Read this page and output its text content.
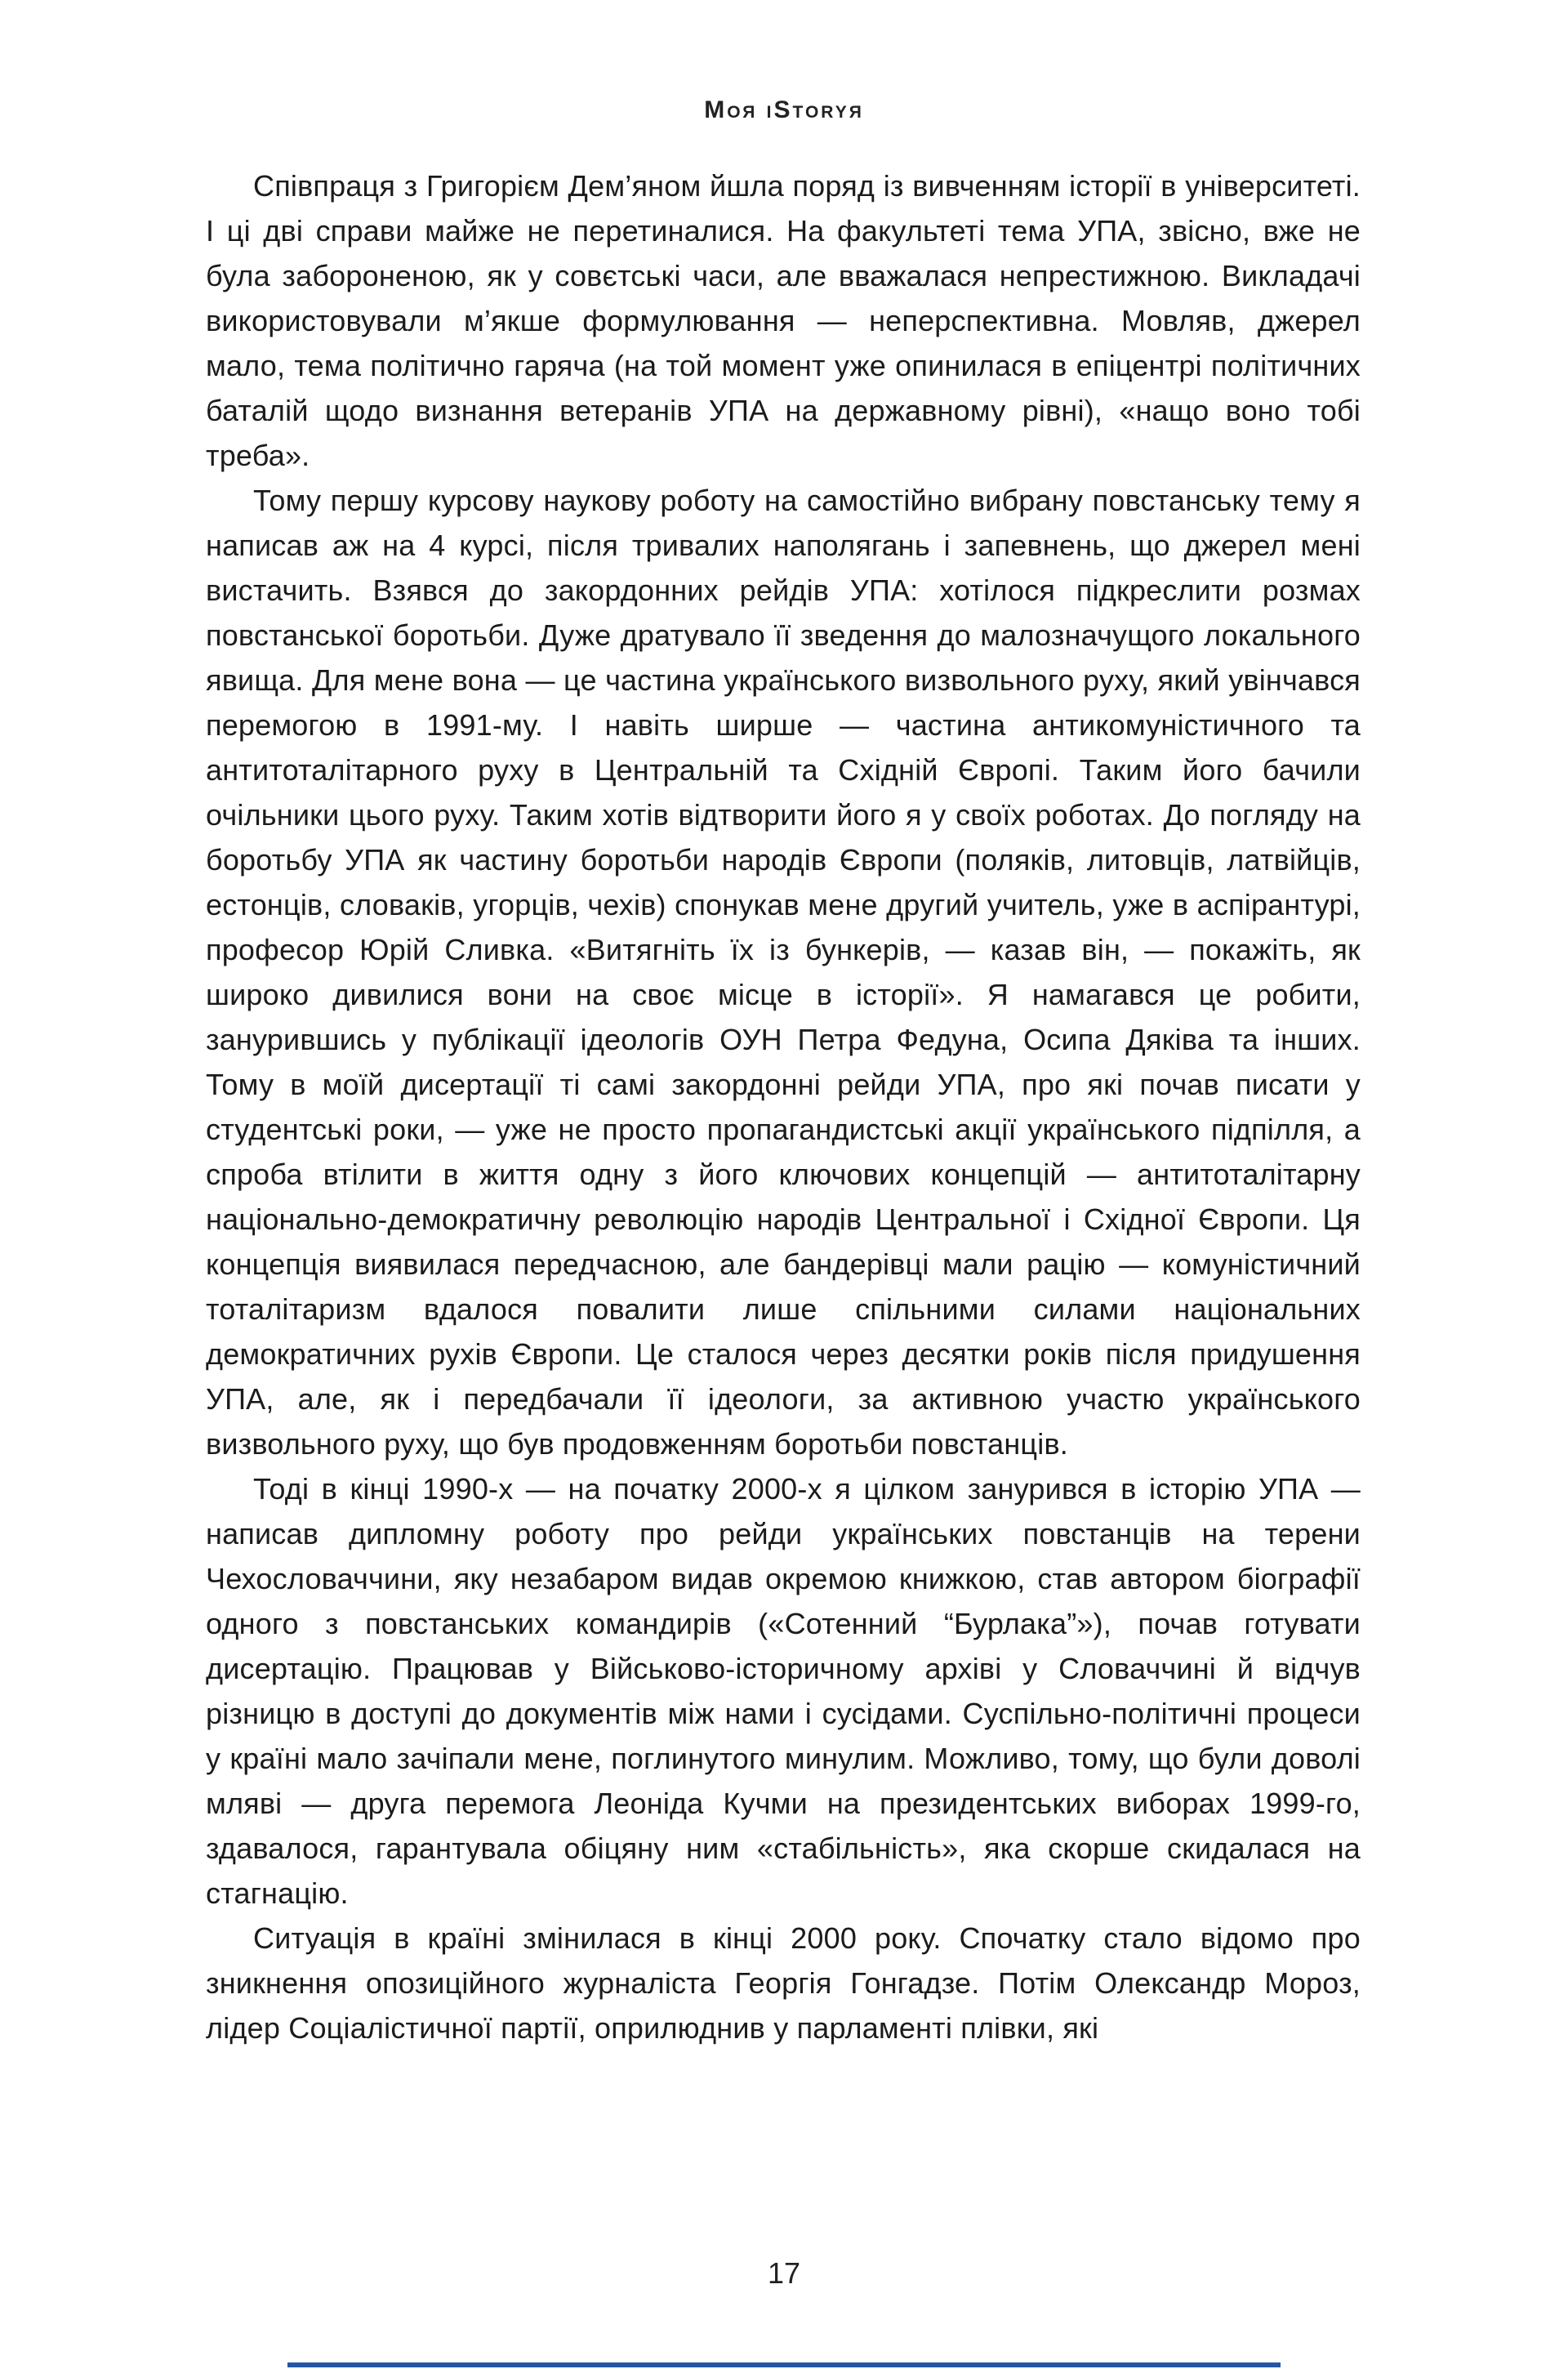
Моя іStoryя

Співпраця з Григорієм Дем’яном йшла поряд із вивченням історії в університеті. І ці дві справи майже не перетиналися. На факультеті тема УПА, звісно, вже не була забороненою, як у совєтські часи, але вважалася непрестижною. Викладачі використовували м’якше формулювання — неперспективна. Мовляв, джерел мало, тема політично гаряча (на той момент уже опинилася в епіцентрі політичних баталій щодо визнання ветеранів УПА на державному рівні), «нащо воно тобі треба».

Тому першу курсову наукову роботу на самостійно вибрану повстанську тему я написав аж на 4 курсі, після тривалих наполягань і запевнень, що джерел мені вистачить. Взявся до закордонних рейдів УПА: хотілося підкреслити розмах повстанської боротьби. Дуже дратувало її зведення до малозначущого локального явища. Для мене вона — це частина українського визвольного руху, який увінчався перемогою в 1991-му. І навіть ширше — частина антикомуністичного та антитоталітарного руху в Центральній та Східній Європі. Таким його бачили очільники цього руху. Таким хотів відтворити його я у своїх роботах. До погляду на боротьбу УПА як частину боротьби народів Європи (поляків, литовців, латвійців, естонців, словаків, угорців, чехів) спонукав мене другий учитель, уже в аспірантурі, професор Юрій Сливка. «Витягніть їх із бункерів, — казав він, — покажіть, як широко дивилися вони на своє місце в історії». Я намагався це робити, занурившись у публікації ідеологів ОУН Петра Федуна, Осипа Дяківа та інших. Тому в моїй дисертації ті самі закордонні рейди УПА, про які почав писати у студентські роки, — уже не просто пропагандистські акції українського підпілля, а спроба втілити в життя одну з його ключових концепцій — антитоталітарну національно-демократичну революцію народів Центральної і Східної Європи. Ця концепція виявилася передчасною, але бандерівці мали рацію — комуністичний тоталітаризм вдалося повалити лише спільними силами національних демократичних рухів Європи. Це сталося через десятки років після придушення УПА, але, як і передбачали її ідеологи, за активною участю українського визвольного руху, що був продовженням боротьби повстанців.

Тоді в кінці 1990-х — на початку 2000-х я цілком занурився в історію УПА — написав дипломну роботу про рейди українських повстанців на терени Чехословаччини, яку незабаром видав окремою книжкою, став автором біографії одного з повстанських командирів («Сотенний “Бурлака”»), почав готувати дисертацію. Працював у Військово-історичному архіві у Словаччині й відчув різницю в доступі до документів між нами і сусідами. Суспільно-політичні процеси у країні мало зачіпали мене, поглинутого минулим. Можливо, тому, що були доволі мляві — друга перемога Леоніда Кучми на президентських виборах 1999-го, здавалося, гарантувала обіцяну ним «стабільність», яка скорше скидалася на стагнацію.

Ситуація в країні змінилася в кінці 2000 року. Спочатку стало відомо про зникнення опозиційного журналіста Георгія Гонгадзе. Потім Олександр Мороз, лідер Соціалістичної партії, оприлюднив у парламенті плівки, які

17
